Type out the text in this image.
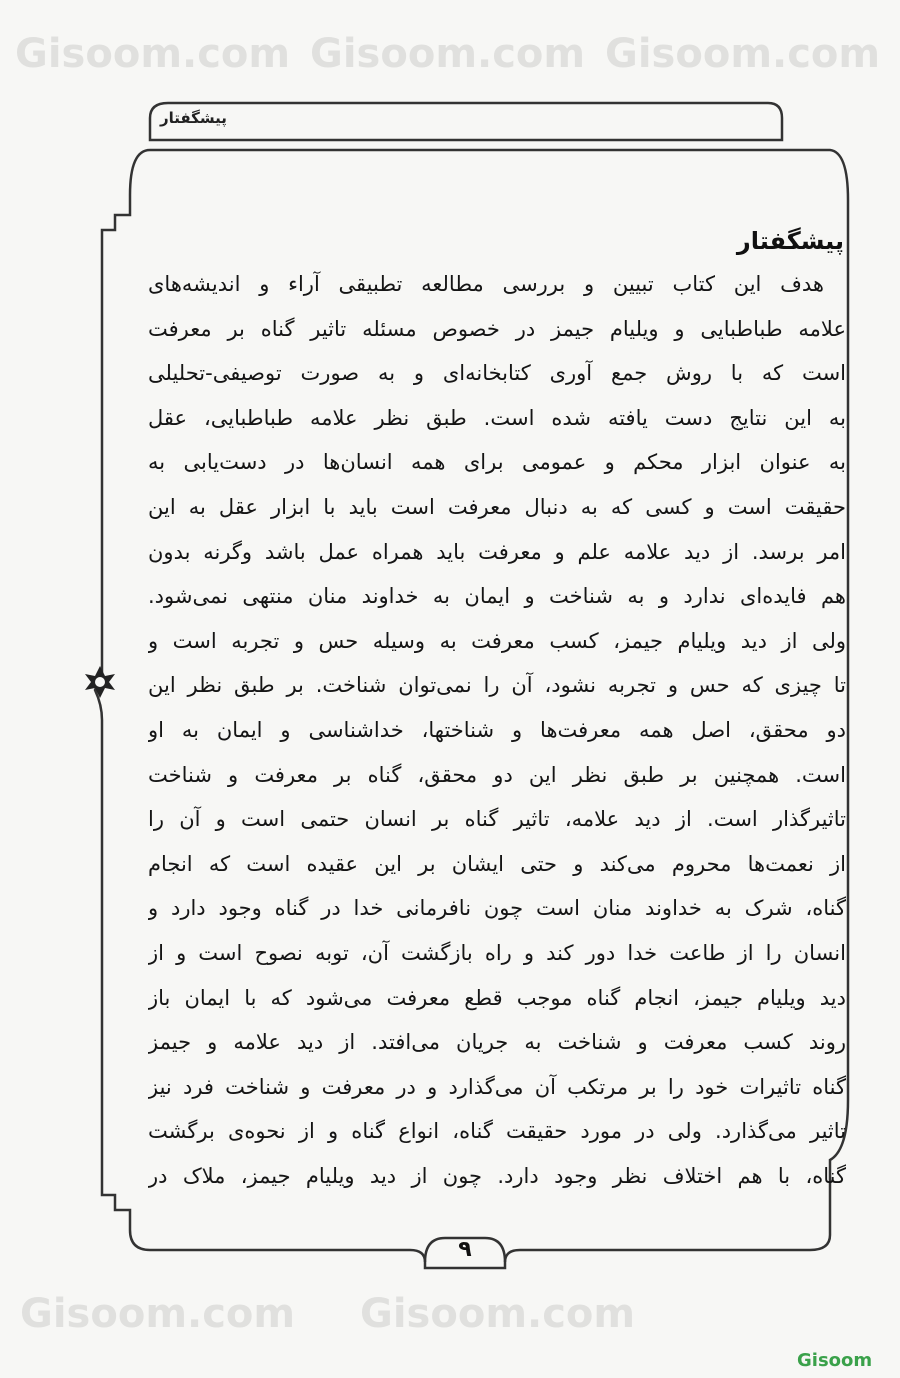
Gisoom.com Gisoom.com Gisoom.com
Gisoom.com Gisoom.com
پیشگفتار
پیشگفتار
هدف این کتاب تبیین و بررسی مطالعه تطبیقی آراء و اندیشه‌های
علامه طباطبایی و ویلیام جیمز در خصوص مسئله تاثیر گناه بر معرفت
است که با روش جمع آوری کتابخانه‌ای و به صورت توصیفی-تحلیلی
به این نتایج دست یافته شده است. طبق نظر علامه طباطبایی، عقل
به عنوان ابزار محکم و عمومی برای همه انسان‌ها در دست‌یابی به
حقیقت است و کسی که به دنبال معرفت است باید با ابزار عقل به این
امر برسد. از دید علامه علم و معرفت باید همراه عمل باشد وگرنه بدون
هم فایده‌ای ندارد و به شناخت و ایمان به خداوند منان منتهی نمی‌شود.
ولی از دید ویلیام جیمز، کسب معرفت به وسیله حس و تجربه است و
تا چیزی که حس و تجربه نشود، آن را نمی‌توان شناخت. بر طبق نظر این
دو محقق، اصل همه معرفت‌ها و شناختها، خداشناسی و ایمان به او
است. همچنین بر طبق نظر این دو محقق، گناه بر معرفت و شناخت
تاثیرگذار است. از دید علامه، تاثیر گناه بر انسان حتمی است و آن را
از نعمت‌ها محروم می‌کند و حتی ایشان بر این عقیده است که انجام
گناه، شرک به خداوند منان است چون نافرمانی خدا در گناه وجود دارد و
انسان را از طاعت خدا دور کند و راه بازگشت آن، توبه نصوح است و از
دید ویلیام جیمز، انجام گناه موجب قطع معرفت می‌شود که با ایمان باز
روند کسب معرفت و شناخت به جریان می‌افتد. از دید علامه و جیمز
گناه تاثیرات خود را بر مرتکب آن می‌گذارد و در معرفت و شناخت فرد نیز
تاثیر می‌گذارد. ولی در مورد حقیقت گناه، انواع گناه و از نحوه‌ی برگشت
گناه، با هم اختلاف نظر وجود دارد. چون از دید ویلیام جیمز، ملاک در
۹
Gisoom
